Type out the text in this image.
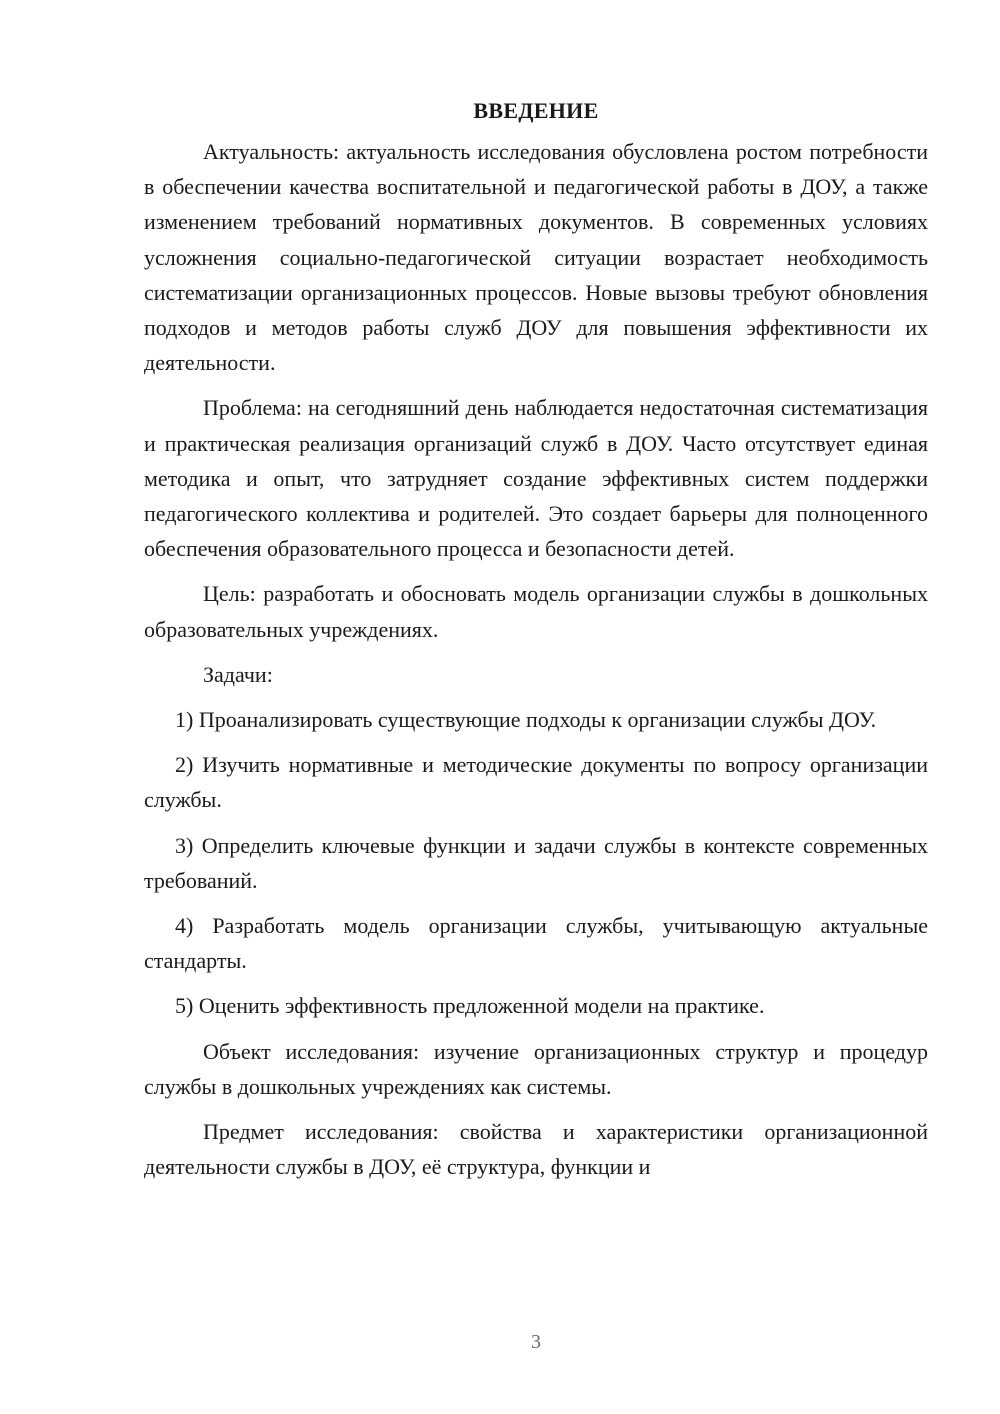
ВВЕДЕНИЕ

Актуальность: актуальность исследования обусловлена ростом потребности в обеспечении качества воспитательной и педагогической работы в ДОУ, а также изменением требований нормативных документов. В современных условиях усложнения социально-педагогической ситуации возрастает необходимость систематизации организационных процессов. Новые вызовы требуют обновления подходов и методов работы служб ДОУ для повышения эффективности их деятельности.

Проблема: на сегодняшний день наблюдается недостаточная систематизация и практическая реализация организаций служб в ДОУ. Часто отсутствует единая методика и опыт, что затрудняет создание эффективных систем поддержки педагогического коллектива и родителей. Это создает барьеры для полноценного обеспечения образовательного процесса и безопасности детей.

Цель: разработать и обосновать модель организации службы в дошкольных образовательных учреждениях.

Задачи:

1) Проанализировать существующие подходы к организации службы ДОУ.

2) Изучить нормативные и методические документы по вопросу организации службы.

3) Определить ключевые функции и задачи службы в контексте современных требований.

4) Разработать модель организации службы, учитывающую актуальные стандарты.

5) Оценить эффективность предложенной модели на практике.

Объект исследования: изучение организационных структур и процедур службы в дошкольных учреждениях как системы.

Предмет исследования: свойства и характеристики организационной деятельности службы в ДОУ, её структура, функции и

3
